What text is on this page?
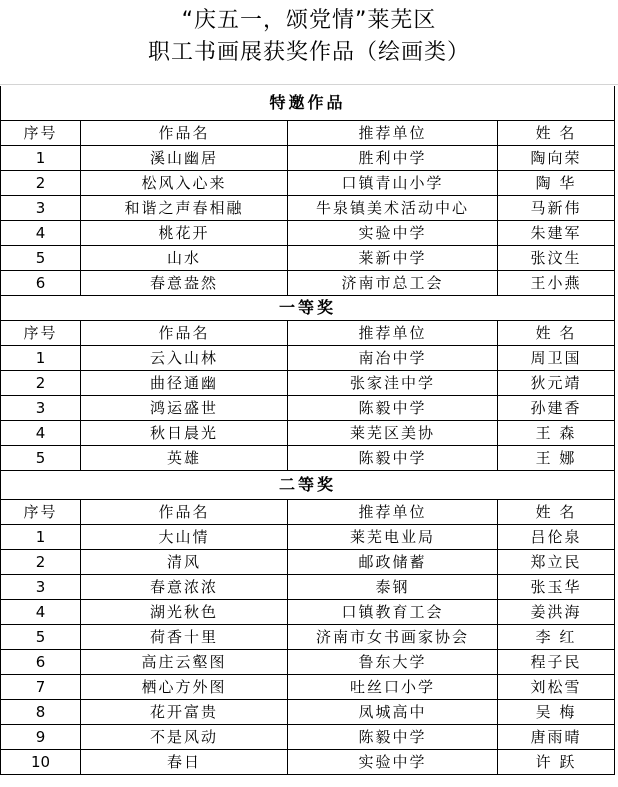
“庆五一，颂党情”莱芜区
职工书画展获奖作品（绘画类）
特邀作品			
序号	作品名	推荐单位	姓 名
1	溪山幽居	胜利中学	陶向荣
2	松风入心来	口镇青山小学	陶 华
3	和谐之声春相融	牛泉镇美术活动中心	马新伟
4	桃花开	实验中学	朱建军
5	山水	莱新中学	张汶生
6	春意盎然	济南市总工会	王小燕
一等奖			
序号	作品名	推荐单位	姓 名
1	云入山林	南冶中学	周卫国
2	曲径通幽	张家洼中学	狄元靖
3	鸿运盛世	陈毅中学	孙建香
4	秋日晨光	莱芜区美协	王 森
5	英雄	陈毅中学	王 娜
二等奖			
序号	作品名	推荐单位	姓 名
1	大山情	莱芜电业局	吕伦泉
2	清风	邮政储蓄	郑立民
3	春意浓浓	泰钢	张玉华
4	湖光秋色	口镇教育工会	姜洪海
5	荷香十里	济南市女书画家协会	李 红
6	高庄云壑图	鲁东大学	程子民
7	栖心方外图	吐丝口小学	刘松雪
8	花开富贵	凤城高中	吴 梅
9	不是风动	陈毅中学	唐雨晴
10	春日	实验中学	许 跃
